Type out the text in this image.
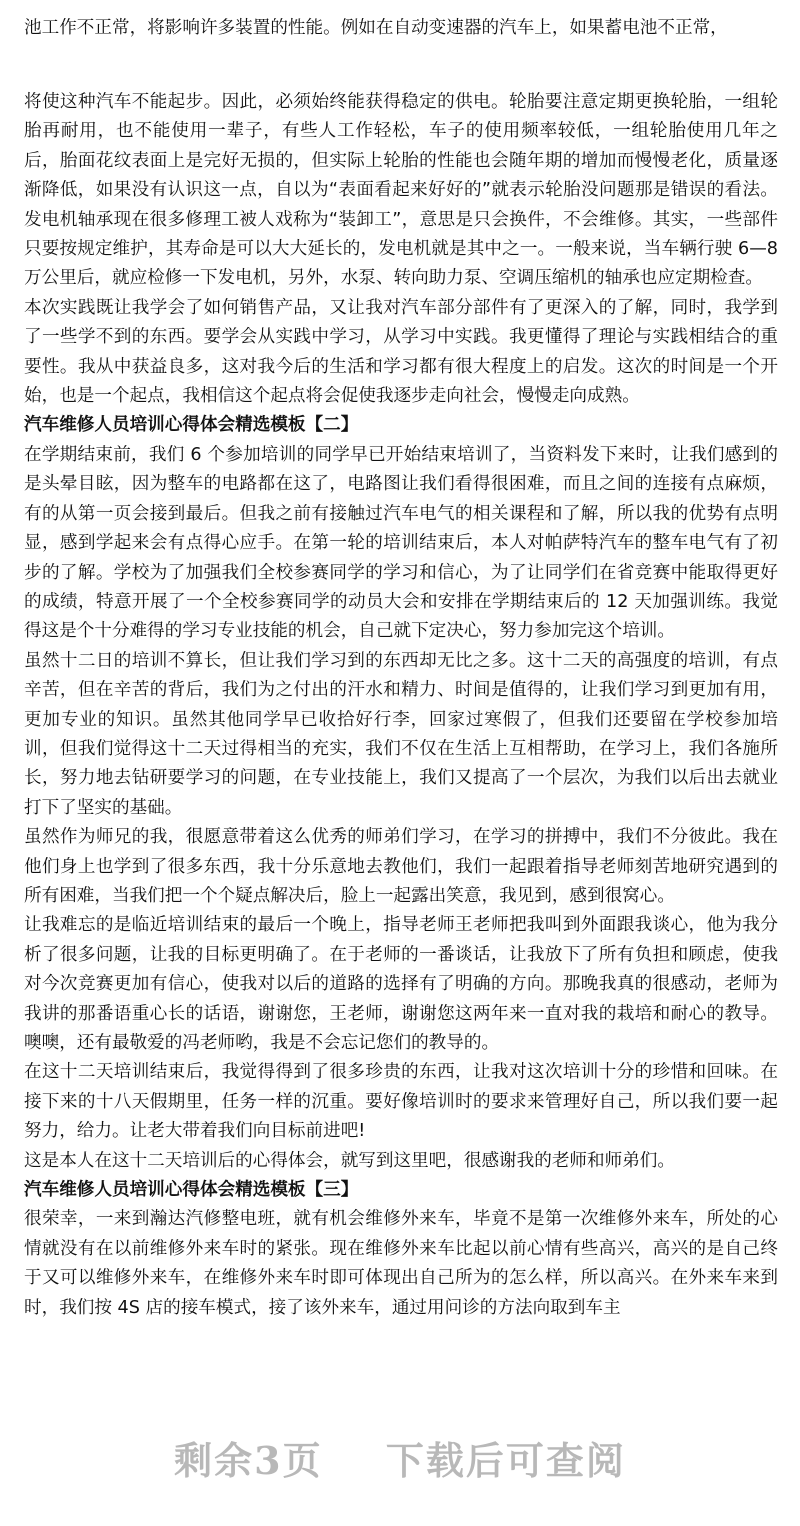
池工作不正常，将影响许多装置的性能。例如在自动变速器的汽车上，如果蓄电池不正常，

将使这种汽车不能起步。因此，必须始终能获得稳定的供电。轮胎要注意定期更换轮胎，一组轮胎再耐用，也不能使用一辈子，有些人工作轻松，车子的使用频率较低，一组轮胎使用几年之后，胎面花纹表面上是完好无损的，但实际上轮胎的性能也会随年期的增加而慢慢老化，质量逐渐降低，如果没有认识这一点，自以为“表面看起来好好的”就表示轮胎没问题那是错误的看法。发电机轴承现在很多修理工被人戏称为“装卸工”，意思是只会换件，不会维修。其实，一些部件只要按规定维护，其寿命是可以大大延长的，发电机就是其中之一。一般来说，当车辆行驶 6—8 万公里后，就应检修一下发电机，另外，水泵、转向助力泵、空调压缩机的轴承也应定期检查。

本次实践既让我学会了如何销售产品，又让我对汽车部分部件有了更深入的了解，同时，我学到了一些学不到的东西。要学会从实践中学习，从学习中实践。我更懂得了理论与实践相结合的重要性。我从中获益良多，这对我今后的生活和学习都有很大程度上的启发。这次的时间是一个开始，也是一个起点，我相信这个起点将会促使我逐步走向社会，慢慢走向成熟。

汽车维修人员培训心得体会精选模板【二】

在学期结束前，我们 6 个参加培训的同学早已开始结束培训了，当资料发下来时，让我们感到的是头晕目眩，因为整车的电路都在这了，电路图让我们看得很困难，而且之间的连接有点麻烦，有的从第一页会接到最后。但我之前有接触过汽车电气的相关课程和了解，所以我的优势有点明显，感到学起来会有点得心应手。在第一轮的培训结束后，本人对帕萨特汽车的整车电气有了初步的了解。学校为了加强我们全校参赛同学的学习和信心，为了让同学们在省竞赛中能取得更好的成绩，特意开展了一个全校参赛同学的动员大会和安排在学期结束后的 12 天加强训练。我觉得这是个十分难得的学习专业技能的机会，自己就下定决心，努力参加完这个培训。

虽然十二日的培训不算长，但让我们学习到的东西却无比之多。这十二天的高强度的培训，有点辛苦，但在辛苦的背后，我们为之付出的汗水和精力、时间是值得的，让我们学习到更加有用，更加专业的知识。虽然其他同学早已收拾好行李，回家过寒假了，但我们还要留在学校参加培训，但我们觉得这十二天过得相当的充实，我们不仅在生活上互相帮助，在学习上，我们各施所长，努力地去钻研要学习的问题，在专业技能上，我们又提高了一个层次，为我们以后出去就业打下了坚实的基础。

虽然作为师兄的我，很愿意带着这么优秀的师弟们学习，在学习的拼搏中，我们不分彼此。我在他们身上也学到了很多东西，我十分乐意地去教他们，我们一起跟着指导老师刻苦地研究遇到的所有困难，当我们把一个个疑点解决后，脸上一起露出笑意，我见到，感到很窝心。

让我难忘的是临近培训结束的最后一个晚上，指导老师王老师把我叫到外面跟我谈心，他为我分析了很多问题，让我的目标更明确了。在于老师的一番谈话，让我放下了所有负担和顾虑，使我对今次竞赛更加有信心，使我对以后的道路的选择有了明确的方向。那晚我真的很感动，老师为我讲的那番语重心长的话语，谢谢您，王老师，谢谢您这两年来一直对我的栽培和耐心的教导。噢噢，还有最敬爱的冯老师哟，我是不会忘记您们的教导的。

在这十二天培训结束后，我觉得得到了很多珍贵的东西，让我对这次培训十分的珍惜和回味。在接下来的十八天假期里，任务一样的沉重。要好像培训时的要求来管理好自己，所以我们要一起努力，给力。让老大带着我们向目标前进吧!

这是本人在这十二天培训后的心得体会，就写到这里吧，很感谢我的老师和师弟们。

汽车维修人员培训心得体会精选模板【三】

很荣幸，一来到瀚达汽修整电班，就有机会维修外来车，毕竟不是第一次维修外来车，所处的心情就没有在以前维修外来车时的紧张。现在维修外来车比起以前心情有些高兴，高兴的是自己终于又可以维修外来车，在维修外来车时即可体现出自己所为的怎么样，所以高兴。在外来车来到时，我们按 4S 店的接车模式，接了该外来车，通过用问诊的方法向取到车主

剩余3页 下载后可查阅
